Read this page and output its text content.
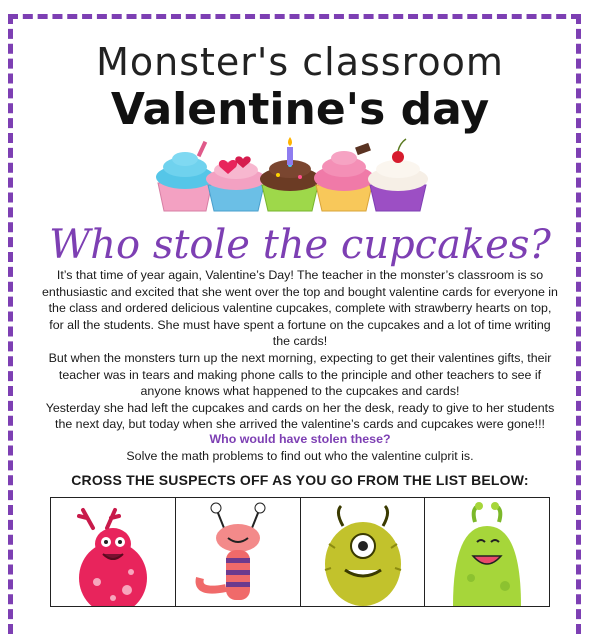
Monster's classroom
Valentine's day
Who stole the cupcakes?

It’s that time of year again, Valentine’s Day! The teacher in the monster’s classroom is so enthusiastic and excited that she went over the top and bought valentine cards for everyone in the class and ordered delicious valentine cupcakes, complete with strawberry hearts on top, for all the students. She must have spent a fortune on the cupcakes and a lot of time writing the cards!

But when the monsters turn up the next morning, expecting to get their valentines gifts, their teacher was in tears and making phone calls to the principle and other teachers to see if anyone knows what happened to the cupcakes and cards!

Yesterday she had left the cupcakes and cards on her the desk, ready to give to her students the next day, but today when she arrived the valentine’s cards and cupcakes were gone!!!

Who would have stolen these?
Solve the math problems to find out who the valentine culprit is.
CROSS THE SUSPECTS OFF AS YOU GO FROM THE LIST BELOW:
